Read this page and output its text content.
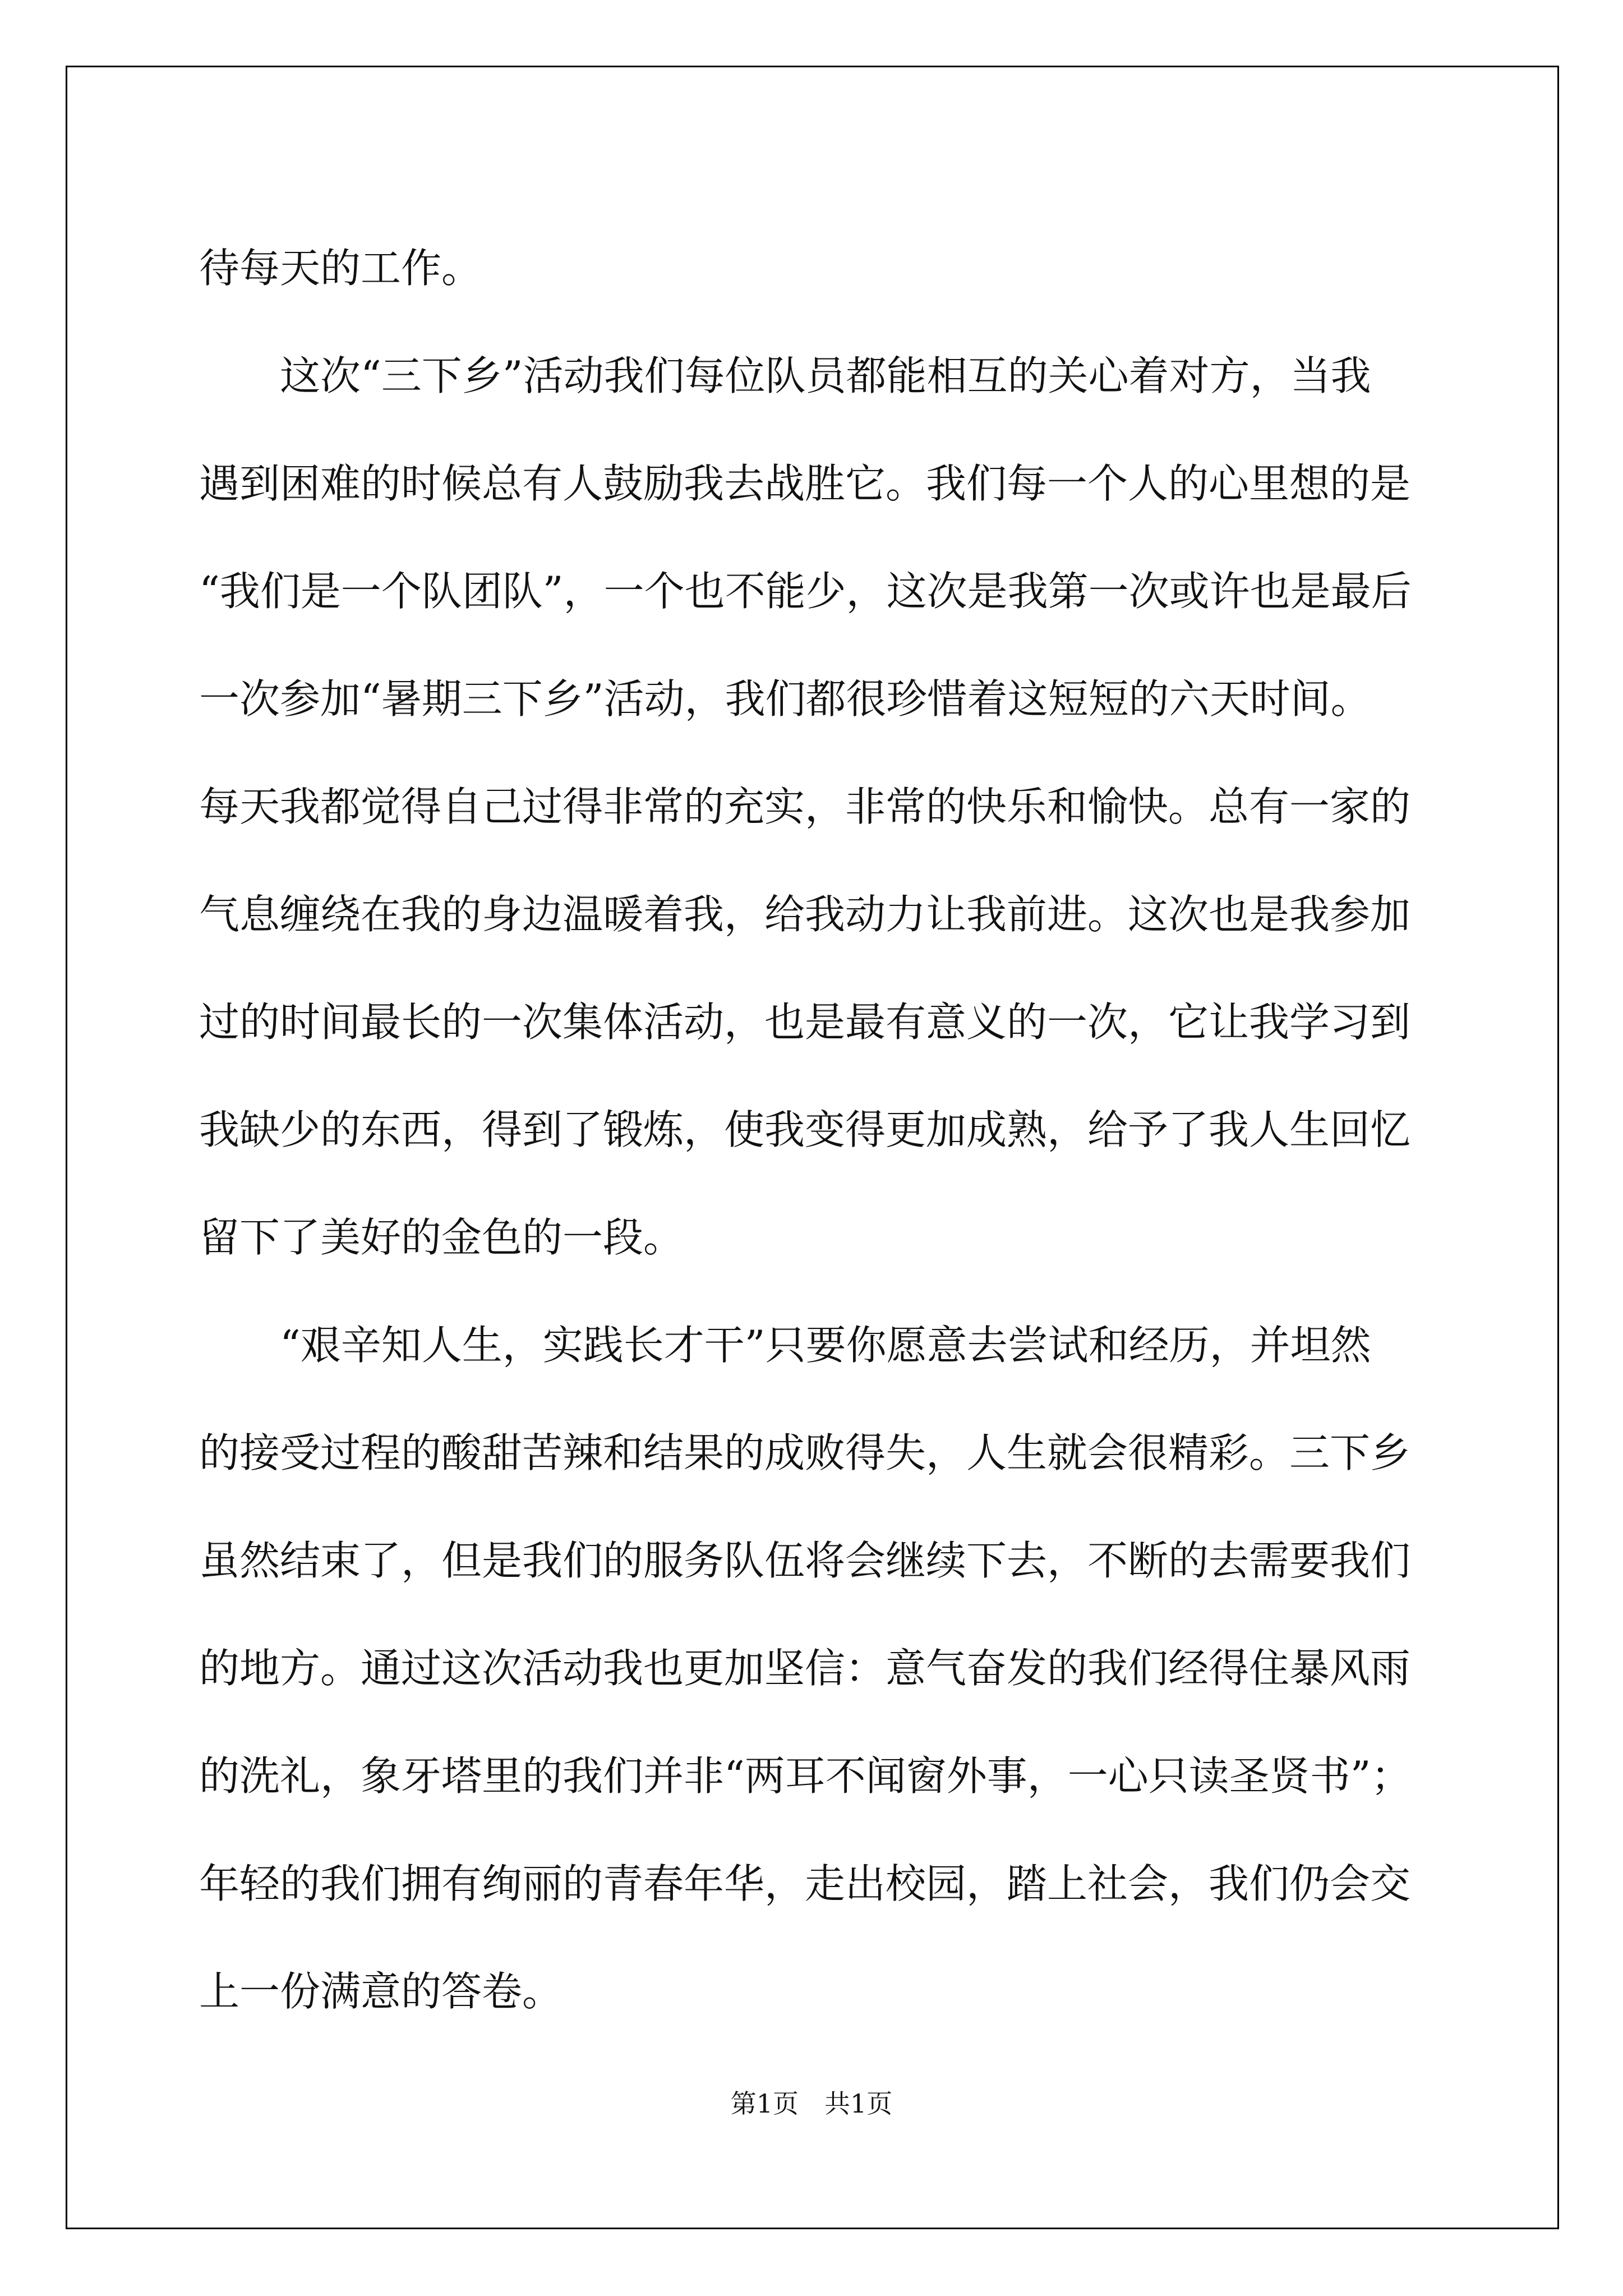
待每天的工作。
这次“三下乡”活动我们每位队员都能相互的关心着对方，当我
遇到困难的时候总有人鼓励我去战胜它。我们每一个人的心里想的是
“我们是一个队团队”，一个也不能少，这次是我第一次或许也是最后
一次参加“暑期三下乡”活动，我们都很珍惜着这短短的六天时间。
每天我都觉得自己过得非常的充实，非常的快乐和愉快。总有一家的
气息缠绕在我的身边温暖着我，给我动力让我前进。这次也是我参加
过的时间最长的一次集体活动，也是最有意义的一次，它让我学习到
我缺少的东西，得到了锻炼，使我变得更加成熟，给予了我人生回忆
留下了美好的金色的一段。
“艰辛知人生，实践长才干”只要你愿意去尝试和经历，并坦然
的接受过程的酸甜苦辣和结果的成败得失，人生就会很精彩。三下乡
虽然结束了，但是我们的服务队伍将会继续下去，不断的去需要我们
的地方。通过这次活动我也更加坚信：意气奋发的我们经得住暴风雨
的洗礼，象牙塔里的我们并非“两耳不闻窗外事，一心只读圣贤书”；
年轻的我们拥有绚丽的青春年华，走出校园，踏上社会，我们仍会交
上一份满意的答卷。
第1页　共1页
